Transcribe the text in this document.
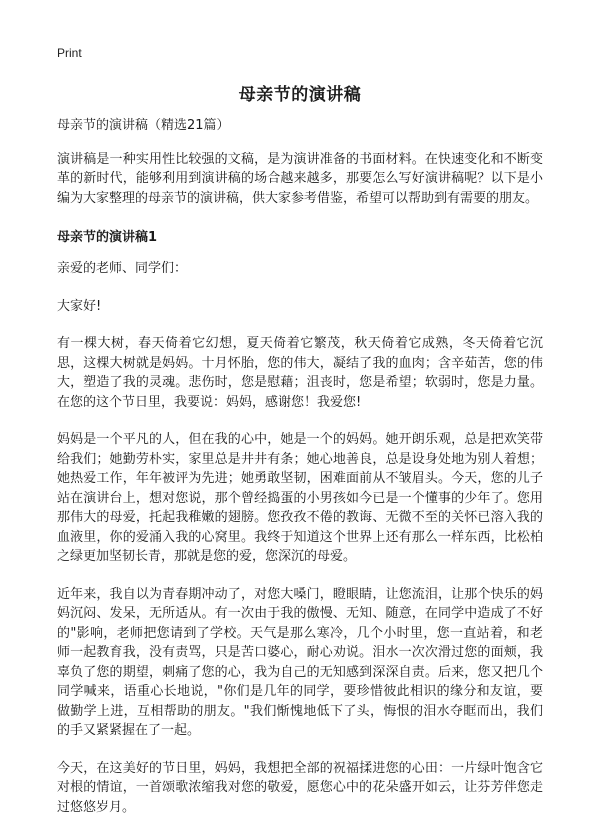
Print
母亲节的演讲稿

母亲节的演讲稿（精选21篇）

演讲稿是一种实用性比较强的文稿，是为演讲准备的书面材料。在快速变化和不断变革的新时代，能够利用到演讲稿的场合越来越多，那要怎么写好演讲稿呢？以下是小编为大家整理的母亲节的演讲稿，供大家参考借鉴，希望可以帮助到有需要的朋友。

母亲节的演讲稿1

亲爱的老师、同学们：

大家好!

有一棵大树，春天倚着它幻想，夏天倚着它繁茂，秋天倚着它成熟，冬天倚着它沉思，这棵大树就是妈妈。十月怀胎，您的伟大，凝结了我的血肉；含辛茹苦，您的伟大，塑造了我的灵魂。悲伤时，您是慰藉；沮丧时，您是希望；软弱时，您是力量。在您的这个节日里，我要说：妈妈，感谢您！我爱您!

妈妈是一个平凡的人，但在我的心中，她是一个的妈妈。她开朗乐观，总是把欢笑带给我们；她勤劳朴实，家里总是井井有条；她心地善良，总是设身处地为别人着想；她热爱工作，年年被评为先进；她勇敢坚韧，困难面前从不皱眉头。今天，您的儿子站在演讲台上，想对您说，那个曾经捣蛋的小男孩如今已是一个懂事的少年了。您用那伟大的母爱，托起我稚嫩的翅膀。您孜孜不倦的教诲、无微不至的关怀已溶入我的血液里，你的爱涌入我的心窝里。我终于知道这个世界上还有那么一样东西，比松柏之绿更加坚韧长青，那就是您的爱，您深沉的母爱。

近年来，我自以为青春期冲动了，对您大嗓门，瞪眼睛，让您流泪，让那个快乐的妈妈沉闷、发呆，无所适从。有一次由于我的傲慢、无知、随意，在同学中造成了不好的"影响，老师把您请到了学校。天气是那么寒冷，几个小时里，您一直站着，和老师一起教育我，没有责骂，只是苦口婆心，耐心劝说。泪水一次次滑过您的面颊，我辜负了您的期望，刺痛了您的心，我为自己的无知感到深深自责。后来，您又把几个同学喊来，语重心长地说，"你们是几年的同学，要珍惜彼此相识的缘分和友谊，要做勤学上进，互相帮助的朋友。"我们惭愧地低下了头，悔恨的泪水夺眶而出，我们的手又紧紧握在了一起。

今天，在这美好的节日里，妈妈，我想把全部的祝福揉进您的心田：一片绿叶饱含它对根的情谊，一首颂歌浓缩我对您的敬爱，愿您心中的花朵盛开如云，让芬芳伴您走过悠悠岁月。
